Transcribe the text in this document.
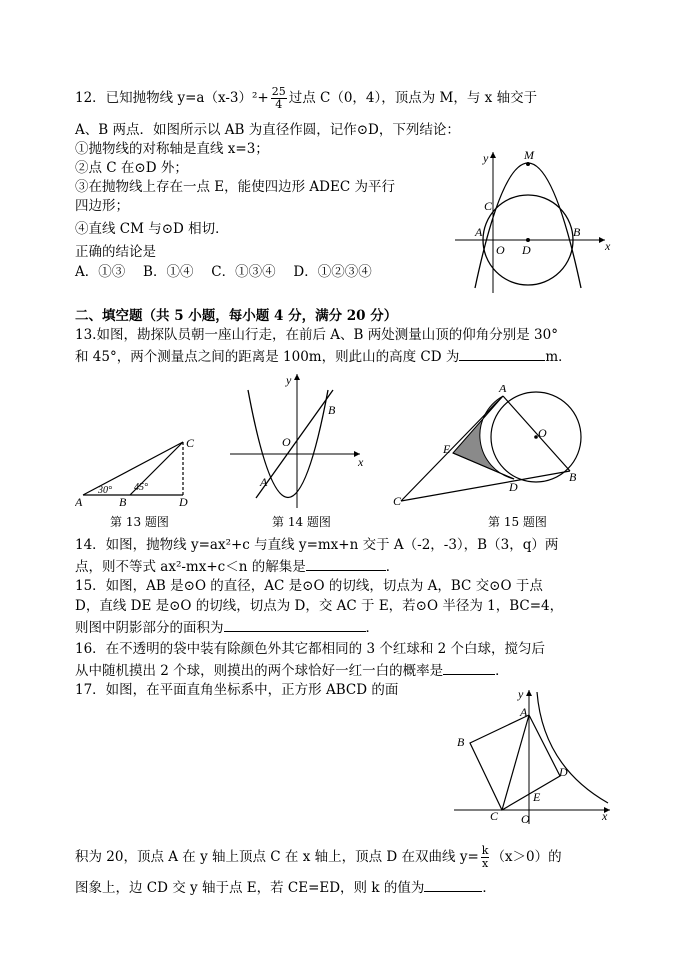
12．已知抛物线 $y=a(x-3)^2+ \frac{25}{4}$ 过点 C（0，4），顶点为 M，与 x 轴交于
A、B 两点．如图所示以 AB 为直径作圆，记作⊙D，下列结论：
①抛物线的对称轴是直线 x=3；
②点 C 在⊙D 外；
③在抛物线上存在一点 E，能使四边形 ADEC 为平行
四边形；
④直线 CM 与⊙D 相切．
正确的结论是
A．①③　 B．①④　 C．①③④　 D．①②③④
y
x
M
C
A
O D
B
二、填空题（共 5 小题，每小题 4 分，满分 20 分）
13.如图，勘探队员朝一座山行走，在前后 A、B 两处测量山顶的仰角分别是 30°
和 45°，两个测量点之间的距离是 100m，则此山的高度 CD 为	m．
C
A	B	D
30° 45°
第 13 题图
y
x
O
A
B
第 14 题图
A
O
E
D
C
B
第 15 题图
14．如图，抛物线 y=ax²+c 与直线 y=mx+n 交于 A（-2，-3），B（3，q）两
点，则不等式 ax²-mx+c＜n 的解集是	．
15．如图，AB 是⊙O 的直径，AC 是⊙O 的切线，切点为 A，BC 交⊙O 于点
D，直线 DE 是⊙O 的切线，切点为 D，交 AC 于 E，若⊙O 半径为 1，BC=4，
则图中阴影部分的面积为	．
16．在不透明的袋中装有除颜色外其它都相同的 3 个红球和 2 个白球，搅匀后
从中随机摸出 2 个球，则摸出的两个球恰好一红一白的概率是	．
17．如图，在平面直角坐标系中，正方形 ABCD 的面	y
x
A
B
D
E
C O
积为 20，顶点 A 在 y 轴上顶点 C 在 x 轴上，顶点 D 在双曲线 $y= \frac{k}{x} (x>0)$的
图象上，边 CD 交 y 轴于点 E，若 CE=ED，则 k 的值为	．
